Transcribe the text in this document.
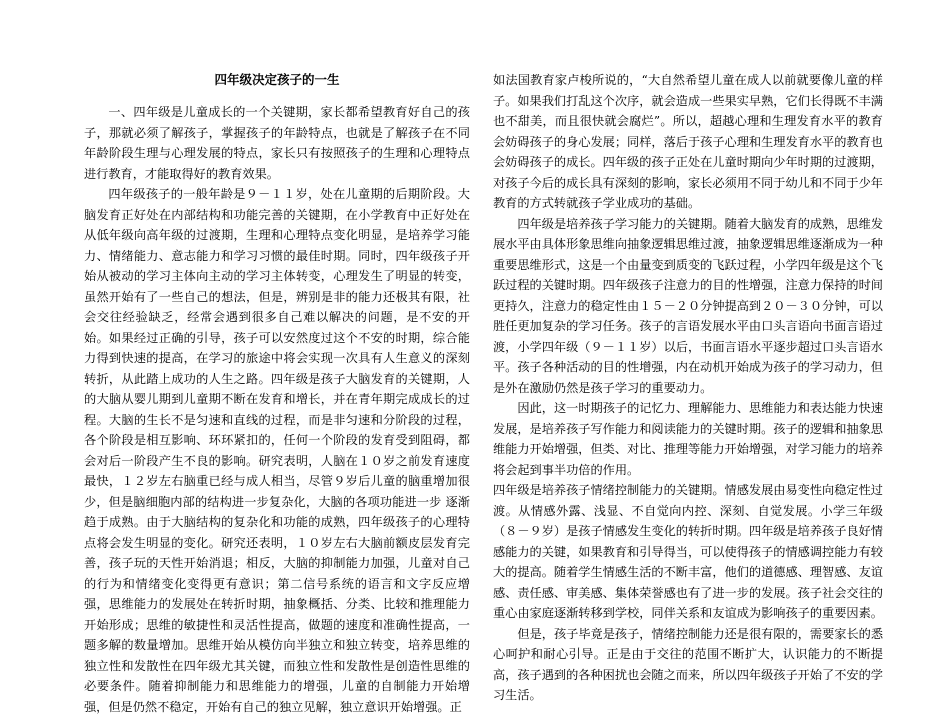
四年级决定孩子的一生

一、四年级是儿童成长的一个关键期，家长都希望教育好自己的孩子，那就必须了解孩子，掌握孩子的年龄特点，也就是了解孩子在不同年龄阶段生理与心理发展的特点，家长只有按照孩子的生理和心理特点进行教育，才能取得好的教育效果。

四年级孩子的一般年龄是９－１１岁，处在儿童期的后期阶段。大脑发育正好处在内部结构和功能完善的关键期，在小学教育中正好处在从低年级向高年级的过渡期，生理和心理特点变化明显，是培养学习能力、情绪能力、意志能力和学习习惯的最佳时期。同时，四年级孩子开始从被动的学习主体向主动的学习主体转变，心理发生了明显的转变，虽然开始有了一些自己的想法，但是，辨别是非的能力还极其有限，社会交往经验缺乏，经常会遇到很多自己难以解决的问题，是不安的开始。如果经过正确的引导，孩子可以安然度过这个不安的时期，综合能力得到快速的提高，在学习的旅途中将会实现一次具有人生意义的深刻转折，从此踏上成功的人生之路。四年级是孩子大脑发育的关键期，人的大脑从婴儿期到儿童期不断在发育和增长，并在青年期完成成长的过程。大脑的生长不是匀速和直线的过程，而是非匀速和分阶段的过程，各个阶段是相互影响、环环紧扣的，任何一个阶段的发育受到阻碍，都会对后一阶段产生不良的影响。研究表明，人脑在１０岁之前发育速度最快，１２岁左右脑重已经与成人相当，尽管９岁后儿童的脑重增加很少，但是脑细胞内部的结构进一步复杂化，大脑的各项功能进一步 逐渐趋于成熟。由于大脑结构的复杂化和功能的成熟，四年级孩子的心理特点将会发生明显的变化。研究还表明，１０岁左右大脑前额皮层发育完善，孩子玩的天性开始消退；相反，大脑的抑制能力加强，儿童对自己的行为和情绪变化变得更有意识；第二信号系统的语言和文字反应增强，思维能力的发展处在转折时期，抽象概括、分类、比较和推理能力开始形成；思维的敏捷性和灵活性提高，做题的速度和准确性提高，一题多解的数量增加。思维开始从模仿向半独立和独立转变，培养思维的独立性和发散性在四年级尤其关键，而独立性和发散性是创造性思维的必要条件。随着抑制能力和思维能力的增强，儿童的自制能力开始增强，但是仍然不稳定，开始有自己的独立见解，独立意识开始增强。正

如法国教育家卢梭所说的，“大自然希望儿童在成人以前就要像儿童的样子。如果我们打乱这个次序，就会造成一些果实早熟，它们长得既不丰满也不甜美，而且很快就会腐烂”。所以，超越心理和生理发育水平的教育会妨碍孩子的身心发展；同样，落后于孩子心理和生理发育水平的教育也会妨碍孩子的成长。四年级的孩子正处在儿童时期向少年时期的过渡期，对孩子今后的成长具有深刻的影响，家长必须用不同于幼儿和不同于少年教育的方式转就孩子学业成功的基础。

四年级是培养孩子学习能力的关键期。随着大脑发育的成熟，思维发展水平由具体形象思维向抽象逻辑思维过渡，抽象逻辑思维逐渐成为一种重要思维形式，这是一个由量变到质变的飞跃过程，小学四年级是这个飞跃过程的关键时期。四年级孩子注意力的目的性增强，注意力保持的时间更持久，注意力的稳定性由１５－２０分钟提高到２０－３０分钟，可以胜任更加复杂的学习任务。孩子的言语发展水平由口头言语向书面言语过渡，小学四年级（９－１１岁）以后，书面言语水平逐步超过口头言语水平。孩子各种活动的目的性增强，内在动机开始成为孩子的学习动力，但是外在激励仍然是孩子学习的重要动力。

因此，这一时期孩子的记忆力、理解能力、思维能力和表达能力快速发展，是培养孩子写作能力和阅读能力的关键时期。孩子的逻辑和抽象思维能力开始增强，但类、对比、推理等能力开始增强，对学习能力的培养将会起到事半功倍的作用。

四年级是培养孩子情绪控制能力的关键期。情感发展由易变性向稳定性过渡。从情感外露、浅显、不自觉向内控、深刻、自觉发展。小学三年级（８－９岁）是孩子情感发生变化的转折时期。四年级是培养孩子良好情感能力的关键，如果教育和引导得当，可以使得孩子的情感调控能力有较大的提高。随着学生情感生活的不断丰富，他们的道德感、理智感、友谊感、责任感、审美感、集体荣誉感也有了进一步的发展。孩子社会交往的重心由家庭逐渐转移到学校，同伴关系和友谊成为影响孩子的重要因素。

但是，孩子毕竟是孩子，情绪控制能力还是很有限的，需要家长的悉心呵护和耐心引导。正是由于交往的范围不断扩大，认识能力的不断提高，孩子遇到的各种困扰也会随之而来，所以四年级孩子开始了不安的学习生活。
